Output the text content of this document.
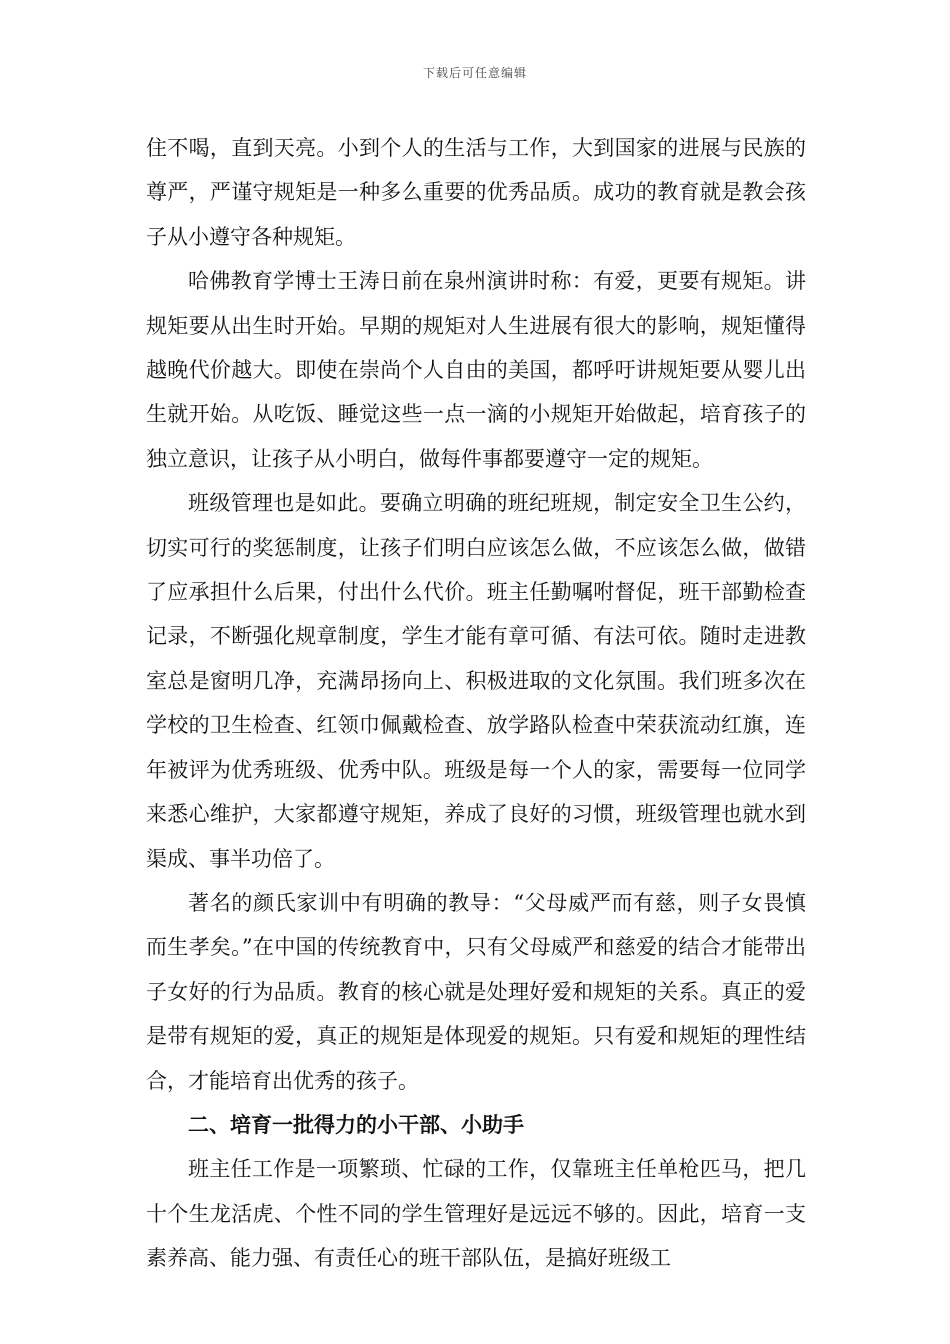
下载后可任意编辑

住不喝，直到天亮。小到个人的生活与工作，大到国家的进展与民族的尊严，严谨守规矩是一种多么重要的优秀品质。成功的教育就是教会孩子从小遵守各种规矩。

哈佛教育学博士王涛日前在泉州演讲时称：有爱，更要有规矩。讲规矩要从出生时开始。早期的规矩对人生进展有很大的影响，规矩懂得越晚代价越大。即使在崇尚个人自由的美国，都呼吁讲规矩要从婴儿出生就开始。从吃饭、睡觉这些一点一滴的小规矩开始做起，培育孩子的独立意识，让孩子从小明白，做每件事都要遵守一定的规矩。

班级管理也是如此。要确立明确的班纪班规，制定安全卫生公约，切实可行的奖惩制度，让孩子们明白应该怎么做，不应该怎么做，做错了应承担什么后果，付出什么代价。班主任勤嘱咐督促，班干部勤检查记录，不断强化规章制度，学生才能有章可循、有法可依。随时走进教室总是窗明几净，充满昂扬向上、积极进取的文化氛围。我们班多次在学校的卫生检查、红领巾佩戴检查、放学路队检查中荣获流动红旗，连年被评为优秀班级、优秀中队。班级是每一个人的家，需要每一位同学来悉心维护，大家都遵守规矩，养成了良好的习惯，班级管理也就水到渠成、事半功倍了。

著名的颜氏家训中有明确的教导：“父母威严而有慈，则子女畏慎而生孝矣。”在中国的传统教育中，只有父母威严和慈爱的结合才能带出子女好的行为品质。教育的核心就是处理好爱和规矩的关系。真正的爱是带有规矩的爱，真正的规矩是体现爱的规矩。只有爱和规矩的理性结合，才能培育出优秀的孩子。

二、培育一批得力的小干部、小助手

班主任工作是一项繁琐、忙碌的工作，仅靠班主任单枪匹马，把几十个生龙活虎、个性不同的学生管理好是远远不够的。因此，培育一支素养高、能力强、有责任心的班干部队伍，是搞好班级工
